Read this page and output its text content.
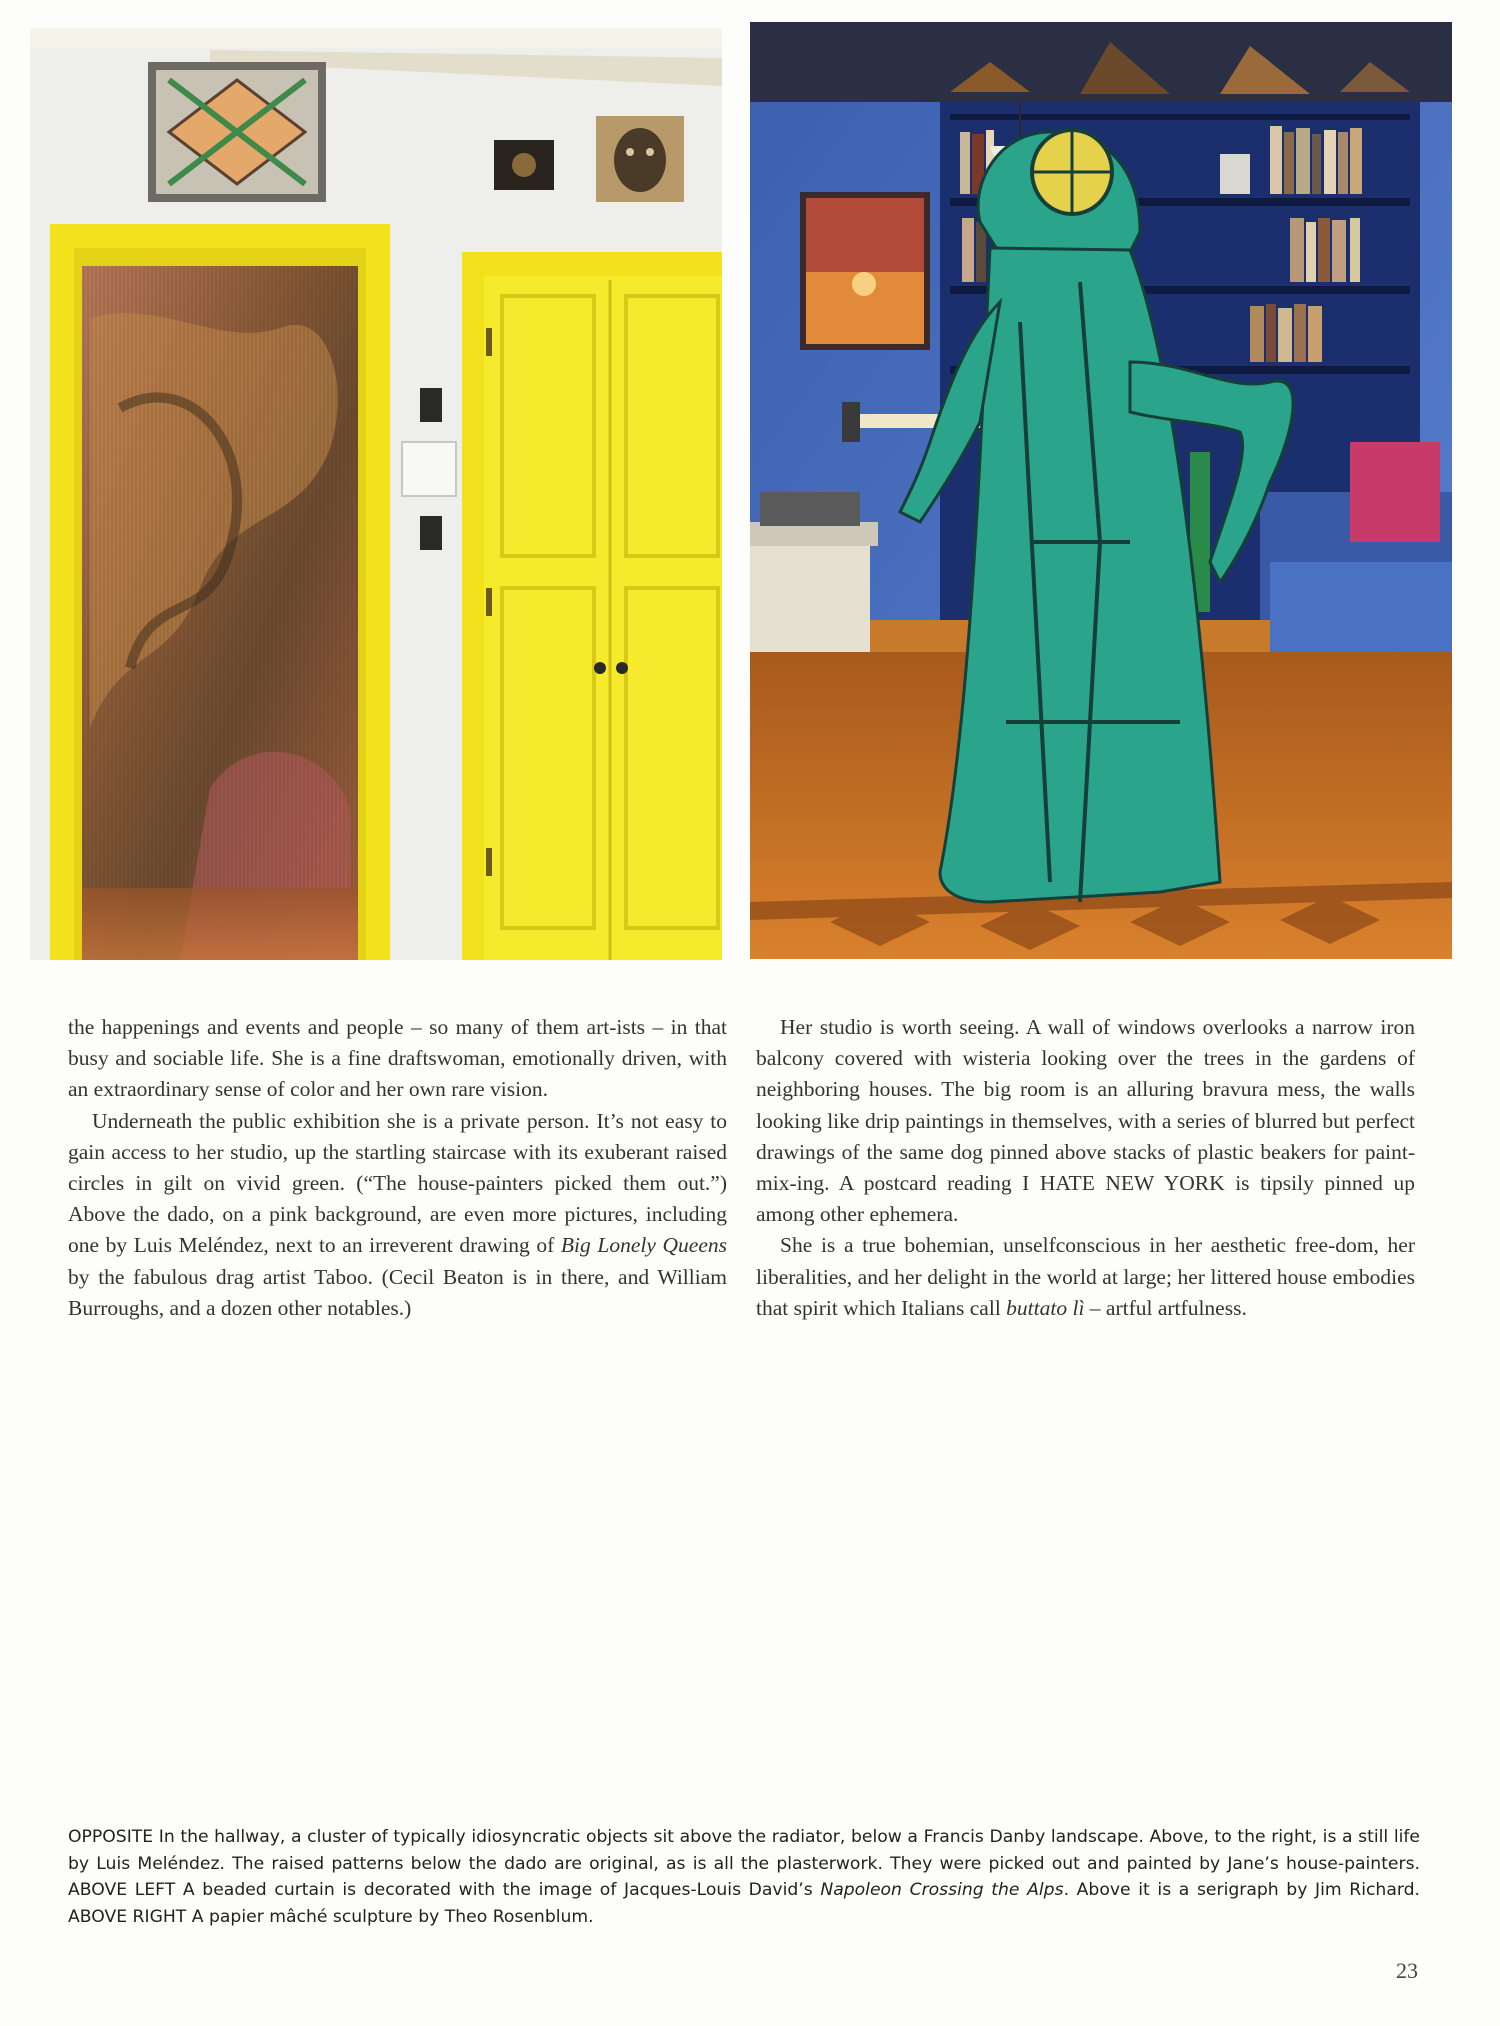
the happenings and events and people – so many of them art-ists – in that busy and sociable life. She is a fine draftswoman, emotionally driven, with an extraordinary sense of color and her own rare vision.

Underneath the public exhibition she is a private person. It’s not easy to gain access to her studio, up the startling staircase with its exuberant raised circles in gilt on vivid green. (“The house-painters picked them out.”) Above the dado, on a pink background, are even more pictures, including one by Luis Meléndez, next to an irreverent drawing of Big Lonely Queens by the fabulous drag artist Taboo. (Cecil Beaton is in there, and William Burroughs, and a dozen other notables.)

Her studio is worth seeing. A wall of windows overlooks a narrow iron balcony covered with wisteria looking over the trees in the gardens of neighboring houses. The big room is an alluring bravura mess, the walls looking like drip paintings in themselves, with a series of blurred but perfect drawings of the same dog pinned above stacks of plastic beakers for paint-mix-ing. A postcard reading I HATE NEW YORK is tipsily pinned up among other ephemera.

She is a true bohemian, unselfconscious in her aesthetic free-dom, her liberalities, and her delight in the world at large; her littered house embodies that spirit which Italians call buttato lì – artful artfulness.

OPPOSITE In the hallway, a cluster of typically idiosyncratic objects sit above the radiator, below a Francis Danby landscape. Above, to the right, is a still life by Luis Meléndez. The raised patterns below the dado are original, as is all the plasterwork. They were picked out and painted by Jane’s house-painters. ABOVE LEFT A beaded curtain is decorated with the image of Jacques-Louis David’s Napoleon Crossing the Alps. Above it is a serigraph by Jim Richard. ABOVE RIGHT A papier mâché sculpture by Theo Rosenblum.
23
